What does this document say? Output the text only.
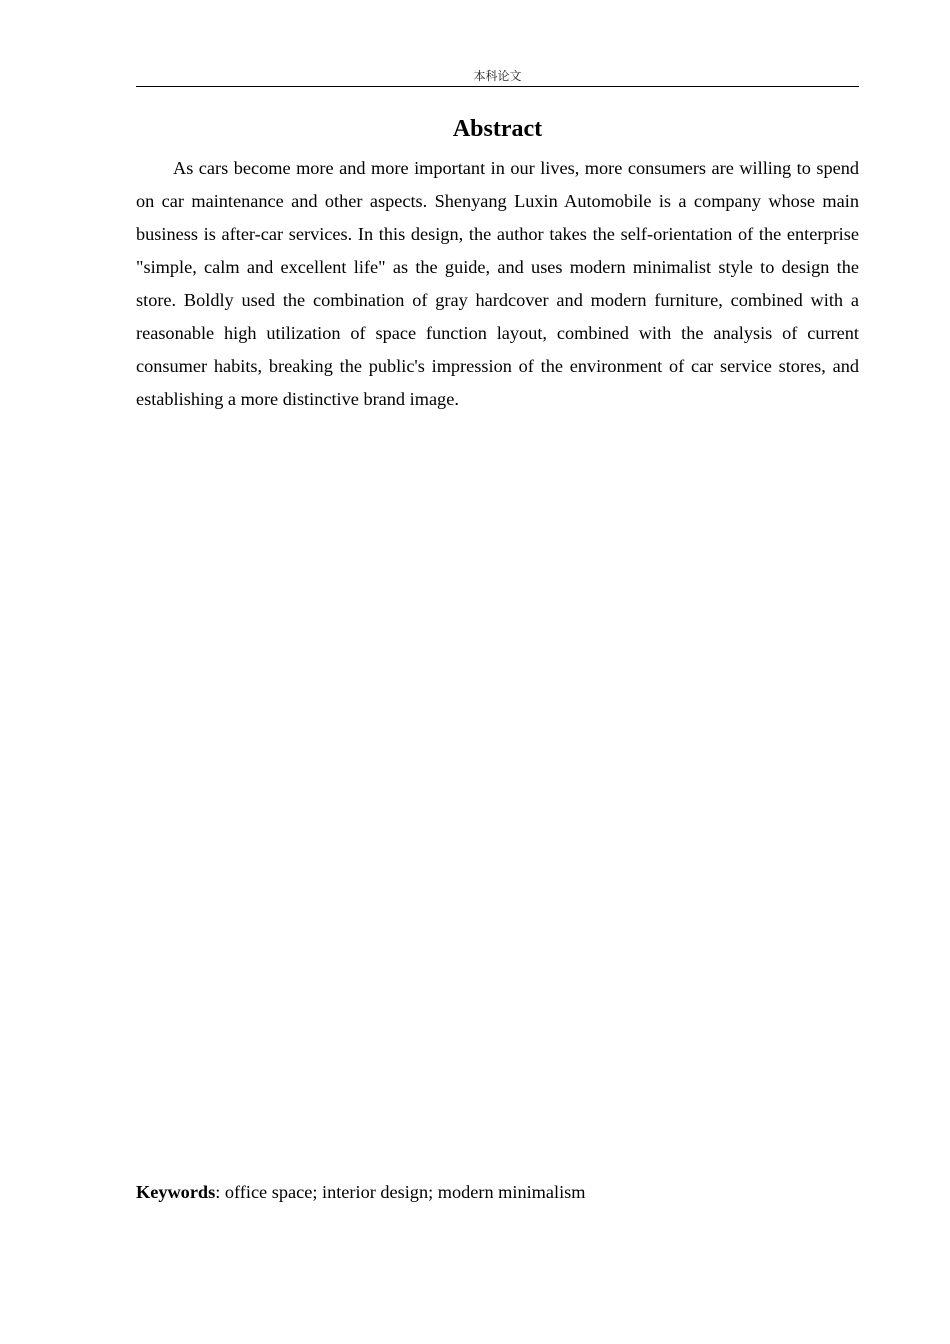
本科论文
Abstract

As cars become more and more important in our lives, more consumers are willing to spend on car maintenance and other aspects. Shenyang Luxin Automobile is a company whose main business is after-car services. In this design, the author takes the self-orientation of the enterprise "simple, calm and excellent life" as the guide, and uses modern minimalist style to design the store. Boldly used the combination of gray hardcover and modern furniture, combined with a reasonable high utilization of space function layout, combined with the analysis of current consumer habits, breaking the public's impression of the environment of car service stores, and establishing a more distinctive brand image.

Keywords: office space; interior design; modern minimalism
